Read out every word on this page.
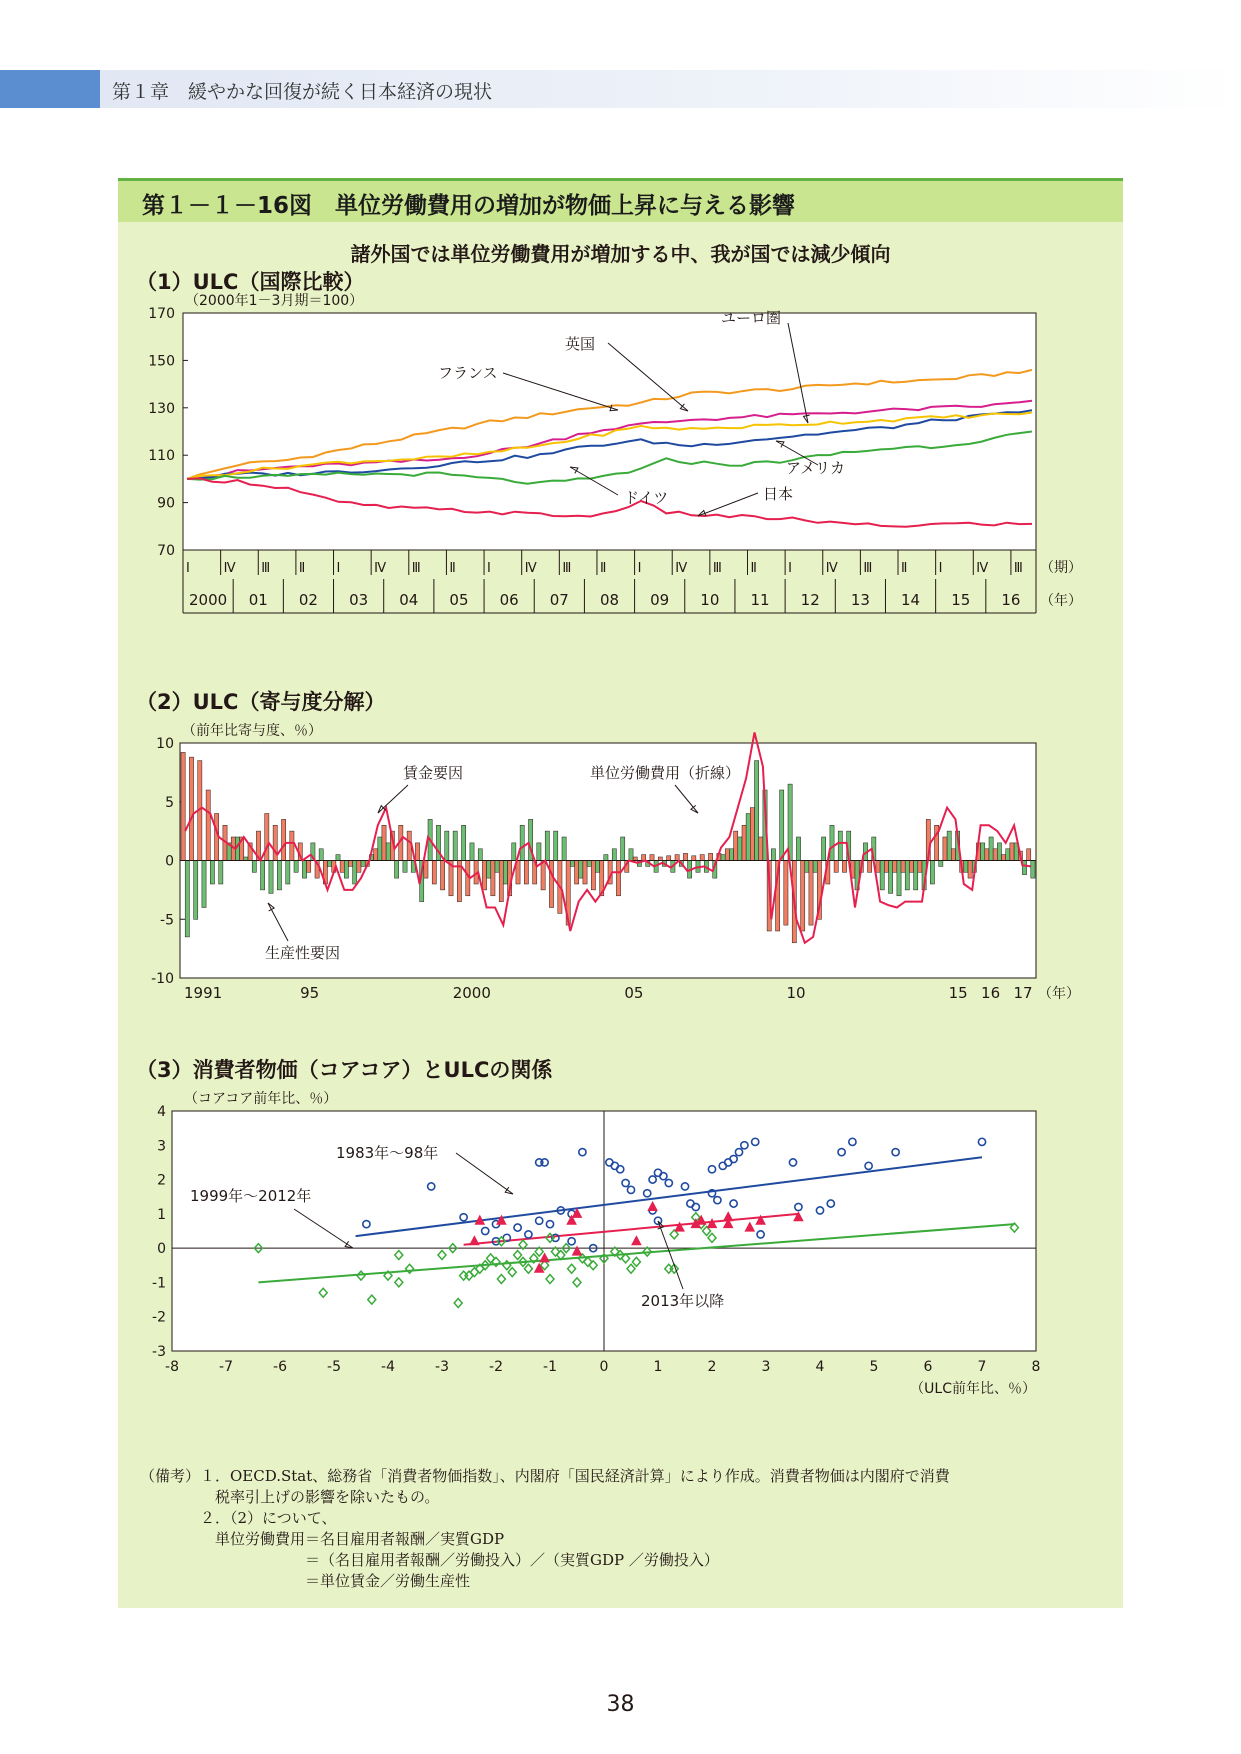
第１章　緩やかな回復が続く日本経済の現状
第１－１－16図　単位労働費用の増加が物価上昇に与える影響
諸外国では単位労働費用が増加する中、我が国では減少傾向
（1）ULC（国際比較）
（2）ULC（寄与度分解）
（3）消費者物価（コアコア）とULCの関係
（2000年1－3月期＝100）
70
90
110
130
150
170
Ⅰ	Ⅳ Ⅲ Ⅱ Ⅰ	Ⅳ Ⅲ Ⅱ Ⅰ	Ⅳ Ⅲ Ⅱ Ⅰ	Ⅳ Ⅲ Ⅱ Ⅰ	Ⅳ Ⅲ Ⅱ Ⅰ	Ⅳ Ⅲ
2000 01 02 03 04 05 06 07 08 09 10 11 12 13 14 15 16
（期）
（年）
英国
ユーロ圏
アメリカ
フランス
ドイツ	日本
（前年比寄与度、％）
-10
-5
0
5
10
1991	95	2000	05	10	15 16 17 （年）
賃金要因	単位労働費用（折線）
生産性要因
（コアコア前年比、％）
-3
-2
-1
0
1
2
3
4
-8	-7	-6	-5	-4	-3	-2	-1	0	1	2	3	4	5	6	7	8
（ULC前年比、％）
1983年～98年
1999年～2012年
2013年以降
（備考）１．OECD.Stat、総務省「消費者物価指数」、内閣府「国民経済計算」により作成。消費者物価は内閣府で消費
　　　　　税率引上げの影響を除いたもの。
　　　　２．（2）について、
　　　　　単位労働費用＝名目雇用者報酬／実質GDP
　　　　　　　　　　　＝（名目雇用者報酬／労働投入）／（実質GDP ／労働投入）
　　　　　　　　　　　＝単位賃金／労働生産性
38
